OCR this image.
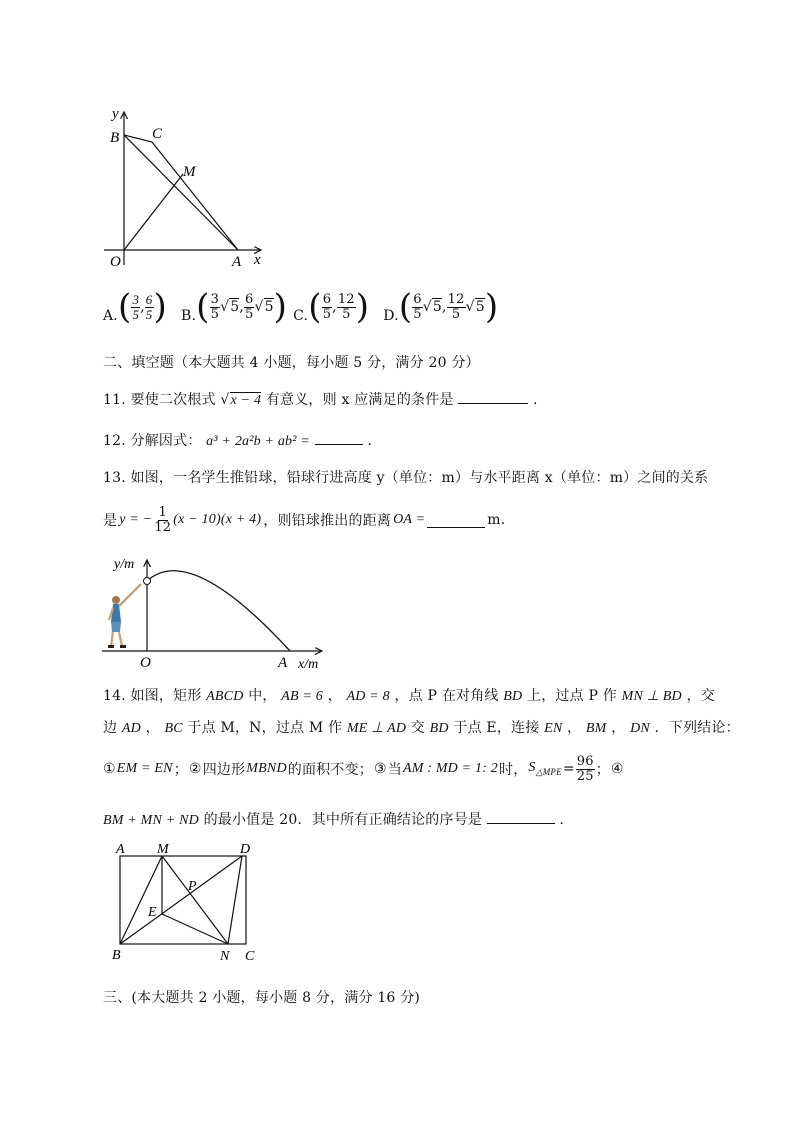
y
x
B C
M
O	A
A. ( $\frac{3}{5}$ , $\frac{6}{5}$ ) B. ( $\frac{3}{5} √5$ , $\frac{6}{5} √5$ ) C. ( $\frac{6}{5}$ , $\frac{12}{5}$ ) D. ( $\frac{6}{5} √5$ , $\frac{12}{5} √5$ )
二、填空题（本大题共 4 小题，每小题 5 分，满分 20 分）
11. 要使二次根式 √x − 4 有意义，则 x 应满足的条件是	.
12. 分解因式： a³ + 2a²b + ab² =	.
13. 如图，一名学生推铅球，铅球行进高度 y（单位：m）与水平距离 x（单位：m）之间的关系
是 y = − $\frac{1}{12} (x - 10)(x + 4)$ ，则铅球推出的距离 OA =	m.
y/m
x/m
O	A
14. 如图，矩形 ABCD 中， AB = 6 ， AD = 8 ，点 P 在对角线 BD 上，过点 P 作 MN ⊥ BD ，交
边 AD ， BC 于点 M，N，过点 M 作 ME ⊥ AD 交 BD 于点 E，连接 EN ， BM ， DN ．下列结论：
① EM = EN ； ② 四边形 MBND 的面积不变； ③ 当 AM : MD = 1: 2 时， $S_{\triangle MPE} = \frac{96}{25}$ ； ④
BM + MN + ND 的最小值是 20．其中所有正确结论的序号是	.
A M	D
P
E
B	N C
三、(本大题共 2 小题，每小题 8 分，满分 16 分)
